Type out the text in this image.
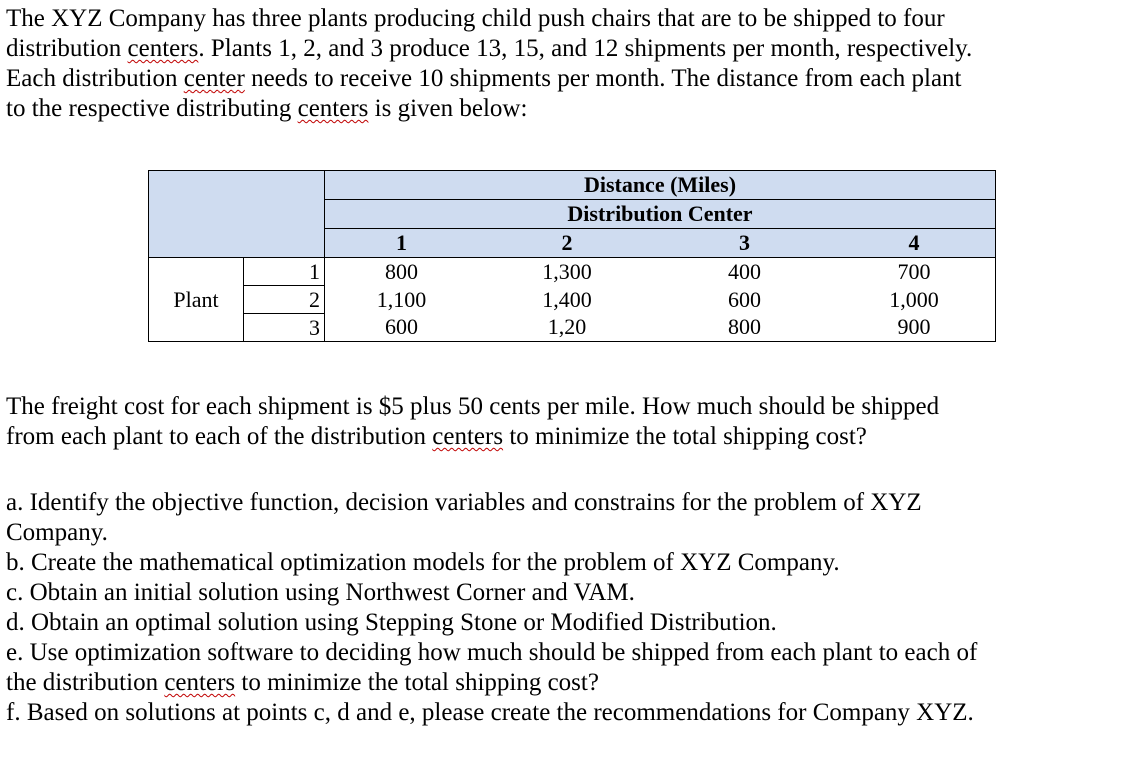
The XYZ Company has three plants producing child push chairs that are to be shipped to four
distribution centers. Plants 1, 2, and 3 produce 13, 15, and 12 shipments per month, respectively.
Each distribution center needs to receive 10 shipments per month. The distance from each plant
to the respective distributing centers is given below:

		Distance (Miles)			
		Distribution Center			
		1	2	3	4
Plant	1	800	1,300	400	700
	2	1,100	1,400	600	1,000
	3	600	1,20	800	900

The freight cost for each shipment is $5 plus 50 cents per mile. How much should be shipped
from each plant to each of the distribution centers to minimize the total shipping cost?

a. Identify the objective function, decision variables and constrains for the problem of XYZ
Company.
b. Create the mathematical optimization models for the problem of XYZ Company.
c. Obtain an initial solution using Northwest Corner and VAM.
d. Obtain an optimal solution using Stepping Stone or Modified Distribution.
e. Use optimization software to deciding how much should be shipped from each plant to each of
the distribution centers to minimize the total shipping cost?
f. Based on solutions at points c, d and e, please create the recommendations for Company XYZ.
